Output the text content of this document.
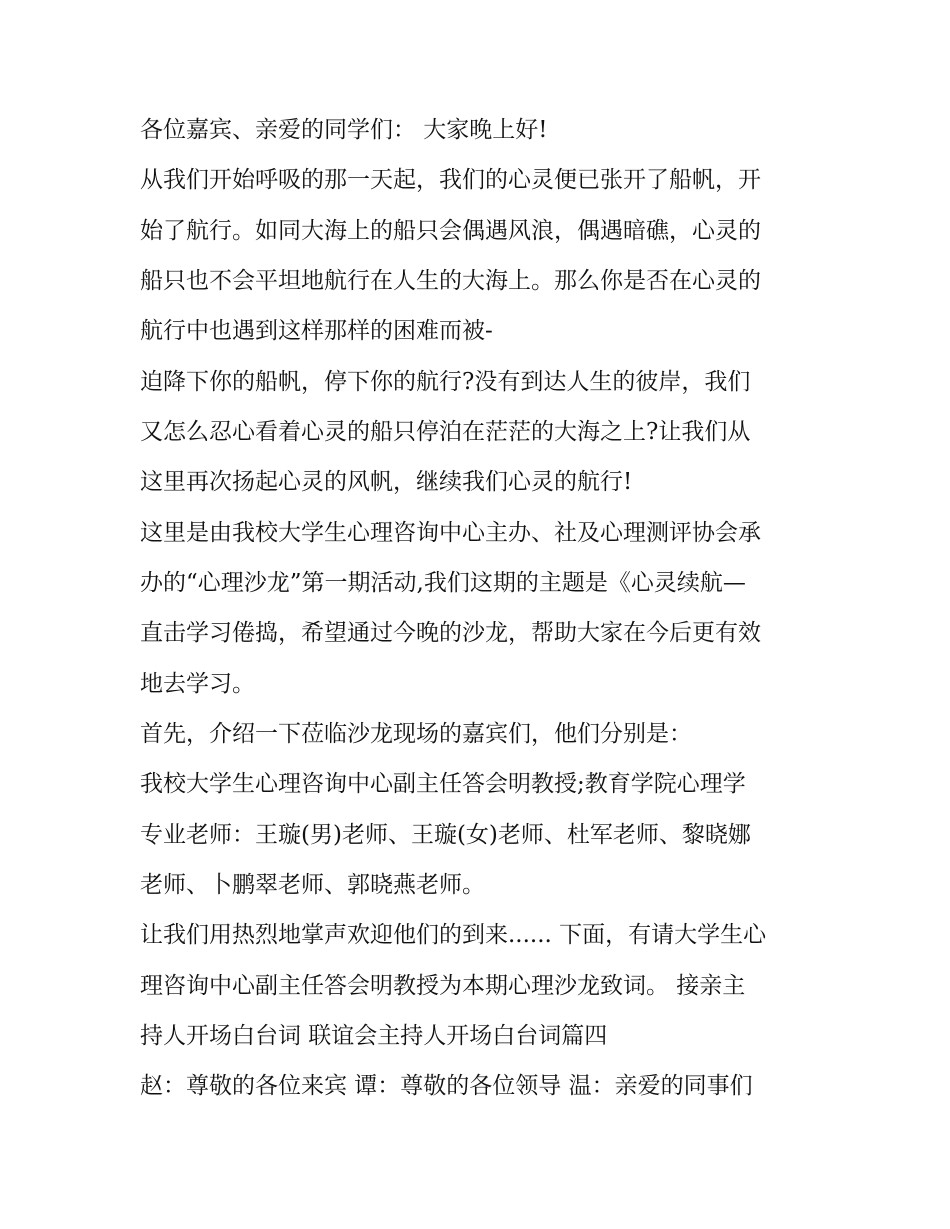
各位嘉宾、亲爱的同学们： 大家晚上好!
从我们开始呼吸的那一天起，我们的心灵便已张开了船帆，开
始了航行。如同大海上的船只会偶遇风浪，偶遇暗礁，心灵的
船只也不会平坦地航行在人生的大海上。那么你是否在心灵的
航行中也遇到这样那样的困难而被-
迫降下你的船帆，停下你的航行?没有到达人生的彼岸，我们
又怎么忍心看着心灵的船只停泊在茫茫的大海之上?让我们从
这里再次扬起心灵的风帆，继续我们心灵的航行!
这里是由我校大学生心理咨询中心主办、社及心理测评协会承
办的“心理沙龙”第一期活动,我们这期的主题是《心灵续航—
直击学习倦捣，希望通过今晚的沙龙，帮助大家在今后更有效
地去学习。
首先，介绍一下莅临沙龙现场的嘉宾们，他们分别是：
我校大学生心理咨询中心副主任答会明教授;教育学院心理学
专业老师：王璇(男)老师、王璇(女)老师、杜军老师、黎晓娜
老师、卜鹏翠老师、郭晓燕老师。
让我们用热烈地掌声欢迎他们的到来...... 下面，有请大学生心
理咨询中心副主任答会明教授为本期心理沙龙致词。 接亲主
持人开场白台词 联谊会主持人开场白台词篇四
赵：尊敬的各位来宾 谭：尊敬的各位领导 温：亲爱的同事们
